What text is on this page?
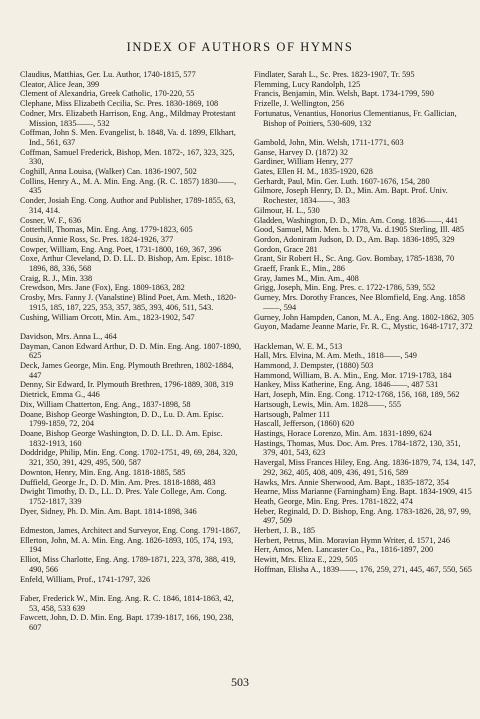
INDEX OF AUTHORS OF HYMNS
Claudius, Matthias, Ger. Lu. Author, 1740-1815, 577
Cleator, Alice Jean, 399
Clement of Alexandria, Greek Catholic, 170-220, 55
Clephane, Miss Elizabeth Cecilia, Sc. Pres. 1830-1869, 108
Codner, Mrs. Elizabeth Harrison, Eng. Ang., Mildmay Protestant Mission, 1835——, 532
Coffman, John S. Men. Evangelist, b. 1848, Va. d. 1899, Elkhart, Ind., 561, 637
Coffman, Samuel Frederick, Bishop, Men. 1872-, 167, 323, 325, 330,
Coghill, Anna Louisa, (Walker) Can. 1836-1907, 502
Collins, Henry A., M. A. Min. Eng. Ang. (R. C. 1857) 1830——, 435
Conder, Josiah Eng. Cong. Author and Publisher, 1789-1855, 63, 314, 414.
Cosner, W. F., 636
Cotterhill, Thomas, Min. Eng. Ang. 1779-1823, 605
Cousin, Annie Ross, Sc. Pres. 1824-1926, 377
Cowper, William, Eng. Ang. Poet, 1731-1800, 169, 367, 396
Coxe, Arthur Cleveland, D. D. LL. D. Bishop, Am. Episc. 1818-1896, 88, 336, 568
Craig, R. J., Min. 338
Crewdson, Mrs. Jane (Fox), Eng. 1809-1863, 282
Crosby, Mrs. Fanny J. (Vanalstine) Blind Poet, Am. Meth., 1820-1915, 185, 187, 225, 353, 357, 385, 393, 406, 511, 543.
Cushing, William Orcott, Min. Am., 1823-1902, 547
Davidson, Mrs. Anna L., 464
Dayman, Canon Edward Arthur, D. D. Min. Eng. Ang. 1807-1890, 625
Deck, James George, Min. Eng. Plymouth Brethren, 1802-1884, 447
Denny, Sir Edward, Ir. Plymouth Brethren, 1796-1889, 308, 319
Dietrick, Emma G., 446
Dix, William Chatterton, Eng. Ang., 1837-1898, 58
Doane, Bishop George Washington, D. D., Lu. D. Am. Episc. 1799-1859, 72, 204
Doane, Bishop George Washington, D. D. LL. D. Am. Episc. 1832-1913, 160
Doddridge, Philip, Min. Eng. Cong. 1702-1751, 49, 69, 284, 320, 321, 350, 391, 429, 495, 500, 587
Downton, Henry, Min. Eng. Ang. 1818-1885, 585
Duffield, George Jr., D. D. Min. Am. Pres. 1818-1888, 483
Dwight Timothy, D. D., LL. D. Pres. Yale College, Am. Cong. 1752-1817, 339
Dyer, Sidney, Ph. D. Min. Am. Bapt. 1814-1898, 346
Edmeston, James, Architect and Surveyor, Eng. Cong. 1791-1867,
Ellerton, John, M. A. Min. Eng. Ang. 1826-1893, 105, 174, 193, 194
Elliot, Miss Charlotte, Eng. Ang. 1789-1871, 223, 378, 388, 419, 490, 566
Enfeld, William, Prof., 1741-1797, 326
Faber, Frederick W., Min. Eng. Ang. R. C. 1846, 1814-1863, 42, 53, 458, 533 639
Fawcett, John, D. D. Min. Eng. Bapt. 1739-1817, 166, 190, 238, 607
Findlater, Sarah L., Sc. Pres. 1823-1907, Tr. 595
Flemming, Lucy Randolph, 125
Francis, Benjamin, Min. Welsh, Bapt. 1734-1799, 590
Frizelle, J. Wellington, 256
Fortunatus, Venantius, Honorius Clementianus, Fr. Gallician, Bishop of Poitiers, 530-609, 132
Gambold, John, Min. Welsh, 1711-1771, 603
Ganse, Harvey D. (1872) 32
Gardiner, William Henry, 277
Gates, Ellen H. M., 1835-1920, 628
Gerhardt, Paul, Min. Ger. Luth. 1607-1676, 154, 280
Gilmore, Joseph Henry, D. D., Min. Am. Bapt. Prof. Univ. Rochester, 1834——, 383
Gilmour, H. L., 530
Gladden, Washington, D. D., Min. Am. Cong. 1836——, 441
Good, Samuel, Min. Men. b. 1778, Va. d.1905 Sterling, Ill. 485
Gordon, Adoniram Judson, D. D., Am. Bap. 1836-1895, 329
Gordon, Grace 281
Grant, Sir Robert H., Sc. Ang. Gov. Bombay, 1785-1838, 70
Graeff, Frank E., Min., 286
Gray, James M., Min. Am., 408
Grigg, Joseph, Min. Eng. Pres. c. 1722-1786, 539, 552
Gurney, Mrs. Dorothy Frances, Nee Blomfield, Eng. Ang. 1858——, 594
Gurney, John Hampden, Canon, M. A., Eng. Ang. 1802-1862, 305
Guyon, Madame Jeanne Marie, Fr. R. C., Mystic, 1648-1717, 372
Hackleman, W. E. M., 513
Hall, Mrs. Elvina, M. Am. Meth., 1818——, 549
Hammond, J. Dempster, (1880) 503
Hammond, William, B. A. Min., Eng. Mor. 1719-1783, 184
Hankey, Miss Katherine, Eng. Ang. 1846——, 487 531
Hart, Joseph, Min. Eng. Cong. 1712-1768, 156, 168, 189, 562
Hartsough, Lewis, Min. Am. 1828——, 555
Hartsough, Palmer 111
Hascall, Jefferson, (1860) 620
Hastings, Horace Lorenzo, Min. Am. 1831-1899, 624
Hastings, Thomas, Mus. Doc. Am. Pres. 1784-1872, 130, 351, 379, 401, 543, 623
Havergal, Miss Frances Hiley, Eng. Ang. 1836-1879, 74, 134, 147, 292, 362, 405, 408, 409, 436, 491, 516, 589
Hawks, Mrs. Annie Sherwood, Am. Bapt., 1835-1872, 354
Hearne, Miss Marianne (Farningham) Eng. Bapt. 1834-1909, 415
Heath, George, Min. Eng. Pres. 1781-1822, 474
Heber, Reginald, D. D. Bishop, Eng. Ang. 1783-1826, 28, 97, 99, 497, 509
Herbert, J. B., 185
Herbert, Petrus, Min. Moravian Hymn Writer, d. 1571, 246
Herr, Amos, Men. Lancaster Co., Pa., 1816-1897, 200
Hewitt, Mrs. Eliza E., 229, 505
Hoffman, Elisha A., 1839——, 176, 259, 271, 445, 467, 550, 565
503
